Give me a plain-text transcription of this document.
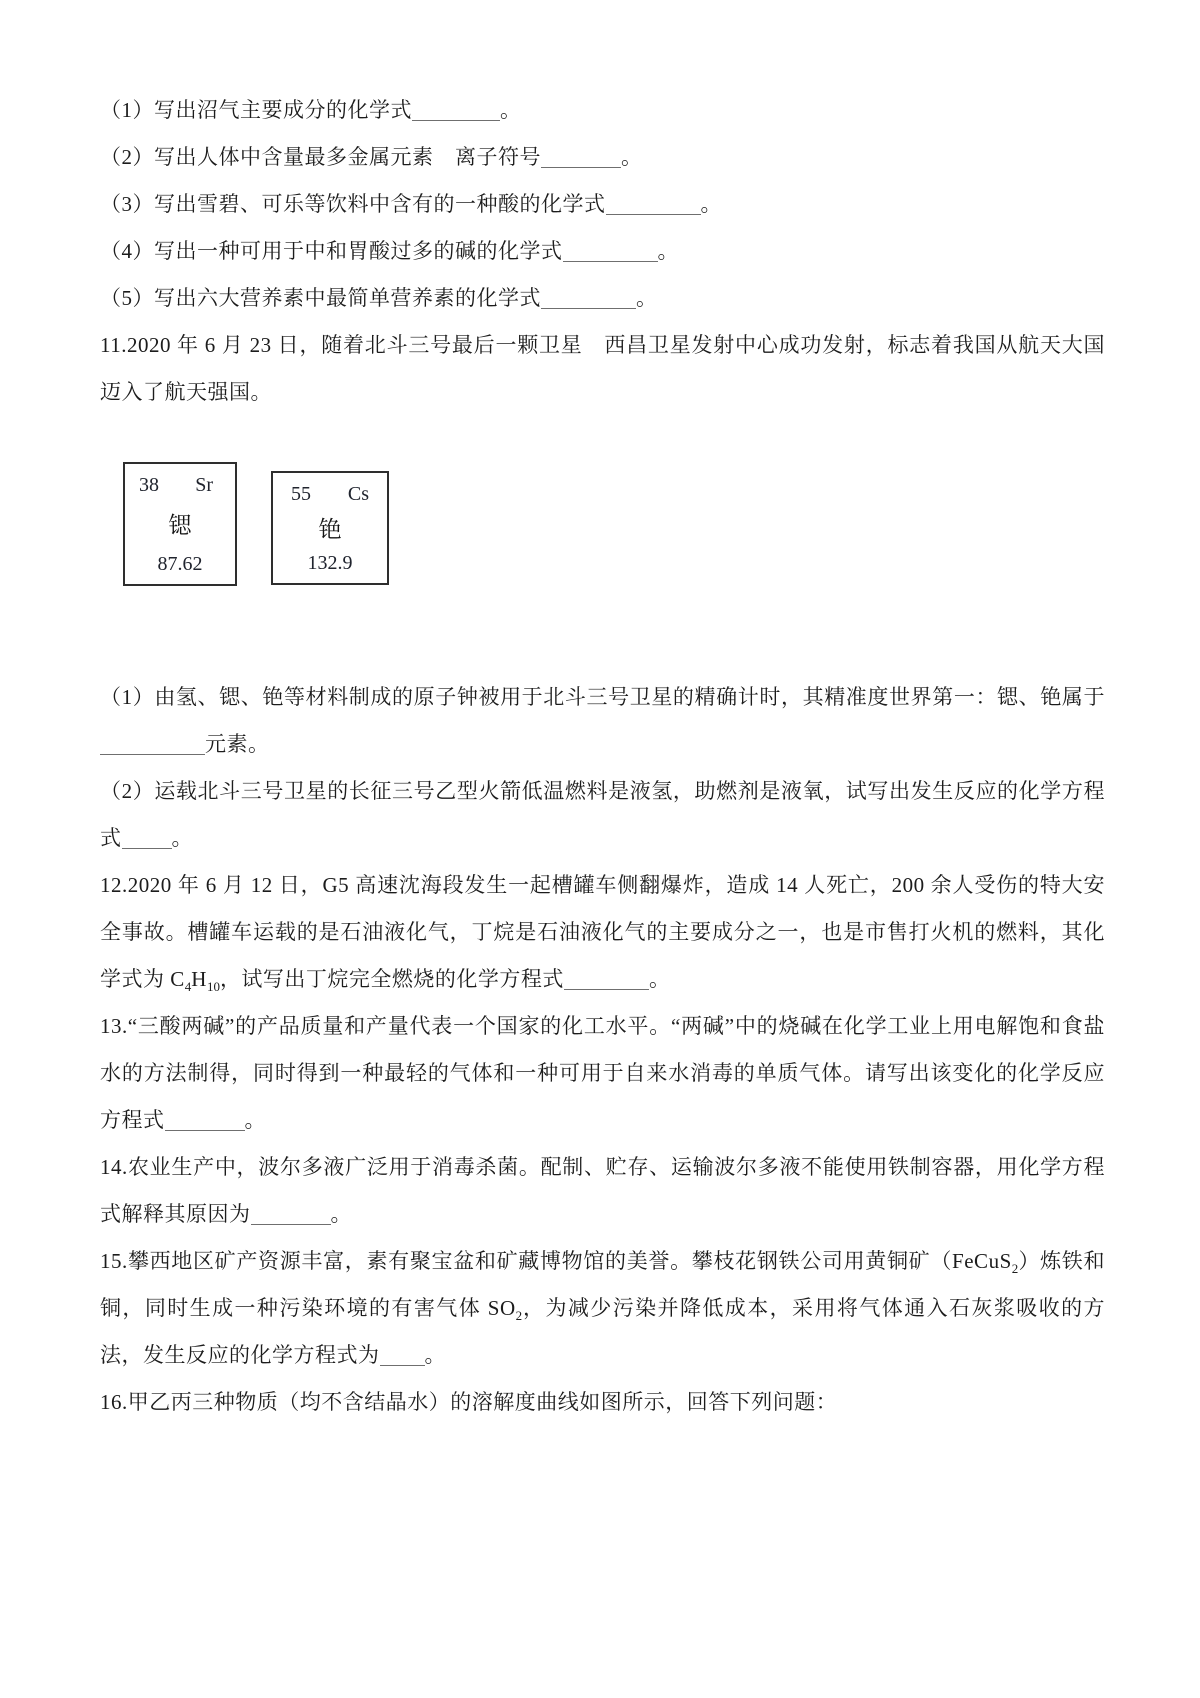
（1）写出沼气主要成分的化学式	。

（2）写出人体中含量最多金属元素　离子符号	。

（3）写出雪碧、可乐等饮料中含有的一种酸的化学式	。

（4）写出一种可用于中和胃酸过多的碱的化学式	。

（5）写出六大营养素中最简单营养素的化学式	。

11.2020 年 6 月 23 日，随着北斗三号最后一颗卫星　西昌卫星发射中心成功发射，标志着我国从航天大国迈入了航天强国。

38 Sr
锶
87.62
55 Cs
铯
132.9

（1）由氢、锶、铯等材料制成的原子钟被用于北斗三号卫星的精确计时，其精准度世界第一：锶、铯属于元素。

（2）运载北斗三号卫星的长征三号乙型火箭低温燃料是液氢，助燃剂是液氧，试写出发生反应的化学方程式 。

12.2020 年 6 月 12 日，G5 高速沈海段发生一起槽罐车侧翻爆炸，造成 14 人死亡，200 余人受伤的特大安全事故。槽罐车运载的是石油液化气，丁烷是石油液化气的主要成分之一，也是市售打火机的燃料，其化学式为 $C_4H_{10}$，试写出丁烷完全燃烧的化学方程式	。

13.“三酸两碱”的产品质量和产量代表一个国家的化工水平。“两碱”中的烧碱在化学工业上用电解饱和食盐水的方法制得，同时得到一种最轻的气体和一种可用于自来水消毒的单质气体。请写出该变化的化学反应方程式	。

14.农业生产中，波尔多液广泛用于消毒杀菌。配制、贮存、运输波尔多液不能使用铁制容器，用化学方程式解释其原因为	。

15.攀西地区矿产资源丰富，素有聚宝盆和矿藏博物馆的美誉。攀枝花钢铁公司用黄铜矿（FeCuS$_2$）炼铁和铜，同时生成一种污染环境的有害气体 $SO_2$，为减少污染并降低成本，采用将气体通入石灰浆吸收的方法，发生反应的化学方程式为 。

16.甲乙丙三种物质（均不含结晶水）的溶解度曲线如图所示，回答下列问题：
